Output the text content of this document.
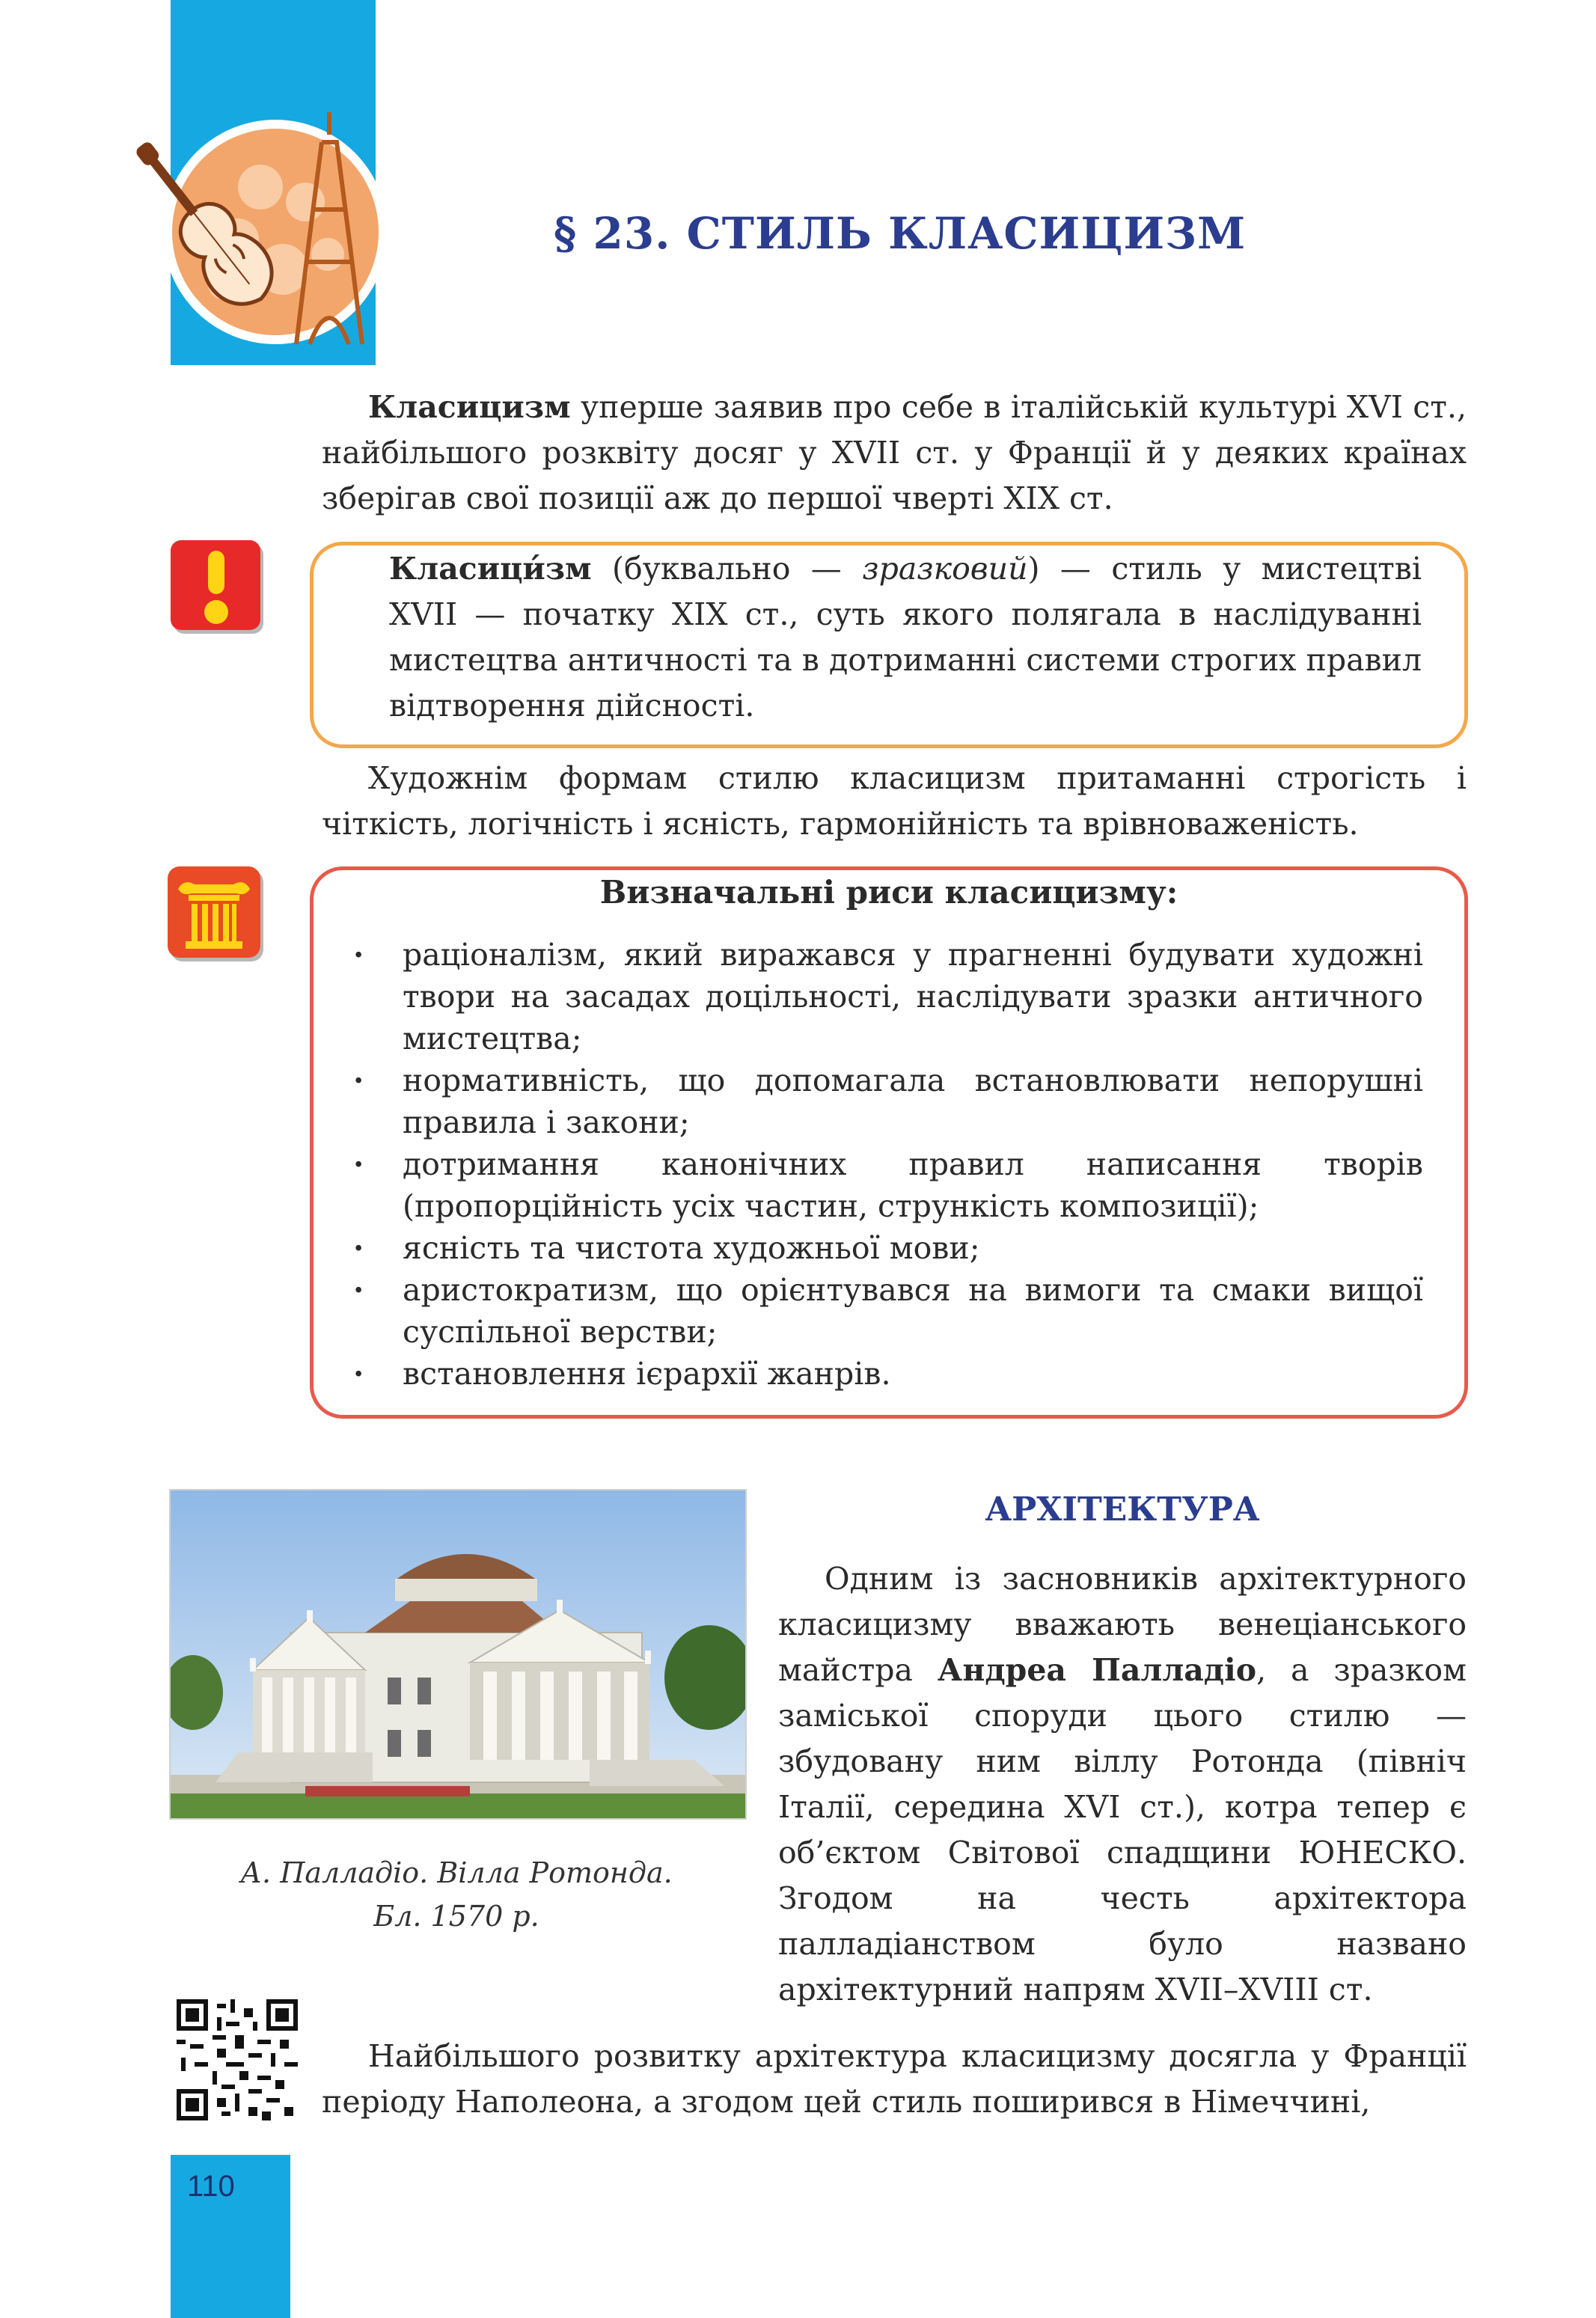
§ 23. СТИЛЬ КЛАСИЦИЗМ
Класицизм уперше заявив про себе в італійській культурі XVI ст., найбільшого розквіту досяг у XVII ст. у Франції й у деяких країнах зберігав свої позиції аж до першої чверті XIX ст.
Класици́зм (буквально — зразковий) — стиль у мистецтві XVII — початку XIX ст., суть якого полягала в наслідуванні мистецтва античності та в дотриманні системи строгих правил відтворення дійсності.
Художнім формам стилю класицизм притаманні строгість і чіткість, логічність і ясність, гармонійність та врівноваженість.
Визначальні риси класицизму:
· раціоналізм, який виражався у прагненні будувати художні твори на засадах доцільності, наслідувати зразки античного мистецтва;
· нормативність, що допомагала встановлювати непорушні правила і закони;
· дотримання канонічних правил написання творів (пропорційність усіх частин, стрункість композиції);
· ясність та чистота художньої мови;
· аристократизм, що орієнтувався на вимоги та смаки вищої суспільної верстви;
· встановлення ієрархії жанрів.
А. Палладіо. Вілла Ротонда.
Бл. 1570 р.
АРХІТЕКТУРА
Одним із засновників архітектурного класицизму вважають венеціанського майстра Андреа Палладіо, а зразком заміської споруди цього стилю — збудовану ним віллу Ротонда (північ Італії, середина XVI ст.), котра тепер є об’єктом Світової спадщини ЮНЕСКО. Згодом на честь архітектора палладіанством було названо архітектурний напрям XVII–XVIII ст.
Найбільшого розвитку архітектура класицизму досягла у Франції періоду Наполеона, а згодом цей стиль поширився в Німеччині,
110
